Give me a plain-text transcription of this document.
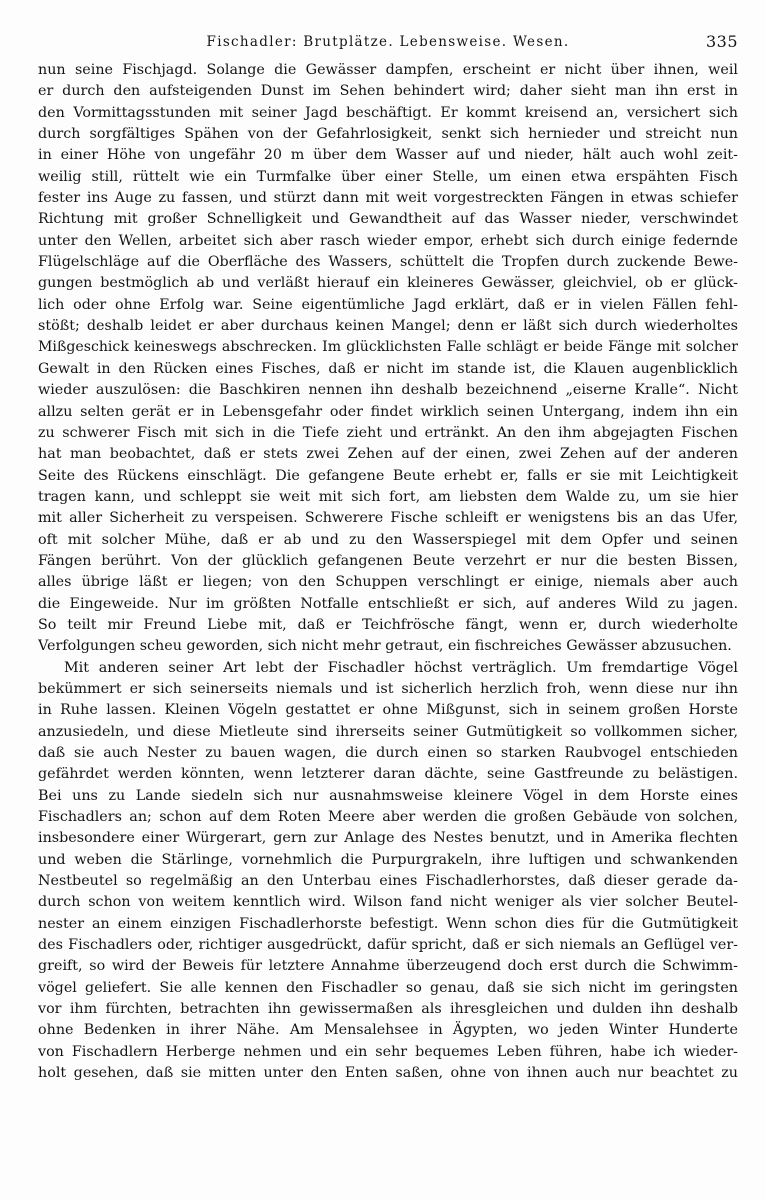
Fischadler: Brutplätze. Lebensweise. Wesen.	335
nun seine Fischjagd. Solange die Gewässer dampfen, erscheint er nicht über ihnen, weil
er durch den aufsteigenden Dunst im Sehen behindert wird; daher sieht man ihn erst in
den Vormittagsstunden mit seiner Jagd beschäftigt. Er kommt kreisend an, versichert sich
durch sorgfältiges Spähen von der Gefahrlosigkeit, senkt sich hernieder und streicht nun
in einer Höhe von ungefähr 20 m über dem Wasser auf und nieder, hält auch wohl zeit-
weilig still, rüttelt wie ein Turmfalke über einer Stelle, um einen etwa erspähten Fisch
fester ins Auge zu fassen, und stürzt dann mit weit vorgestreckten Fängen in etwas schiefer
Richtung mit großer Schnelligkeit und Gewandtheit auf das Wasser nieder, verschwindet
unter den Wellen, arbeitet sich aber rasch wieder empor, erhebt sich durch einige federnde
Flügelschläge auf die Oberfläche des Wassers, schüttelt die Tropfen durch zuckende Bewe-
gungen bestmöglich ab und verläßt hierauf ein kleineres Gewässer, gleichviel, ob er glück-
lich oder ohne Erfolg war. Seine eigentümliche Jagd erklärt, daß er in vielen Fällen fehl-
stößt; deshalb leidet er aber durchaus keinen Mangel; denn er läßt sich durch wiederholtes
Mißgeschick keineswegs abschrecken. Im glücklichsten Falle schlägt er beide Fänge mit solcher
Gewalt in den Rücken eines Fisches, daß er nicht im stande ist, die Klauen augenblicklich
wieder auszulösen: die Baschkiren nennen ihn deshalb bezeichnend „eiserne Kralle“. Nicht
allzu selten gerät er in Lebensgefahr oder findet wirklich seinen Untergang, indem ihn ein
zu schwerer Fisch mit sich in die Tiefe zieht und ertränkt. An den ihm abgejagten Fischen
hat man beobachtet, daß er stets zwei Zehen auf der einen, zwei Zehen auf der anderen
Seite des Rückens einschlägt. Die gefangene Beute erhebt er, falls er sie mit Leichtigkeit
tragen kann, und schleppt sie weit mit sich fort, am liebsten dem Walde zu, um sie hier
mit aller Sicherheit zu verspeisen. Schwerere Fische schleift er wenigstens bis an das Ufer,
oft mit solcher Mühe, daß er ab und zu den Wasserspiegel mit dem Opfer und seinen
Fängen berührt. Von der glücklich gefangenen Beute verzehrt er nur die besten Bissen,
alles übrige läßt er liegen; von den Schuppen verschlingt er einige, niemals aber auch
die Eingeweide. Nur im größten Notfalle entschließt er sich, auf anderes Wild zu jagen.
So teilt mir Freund Liebe mit, daß er Teichfrösche fängt, wenn er, durch wiederholte
Verfolgungen scheu geworden, sich nicht mehr getraut, ein fischreiches Gewässer abzusuchen.
Mit anderen seiner Art lebt der Fischadler höchst verträglich. Um fremdartige Vögel
bekümmert er sich seinerseits niemals und ist sicherlich herzlich froh, wenn diese nur ihn
in Ruhe lassen. Kleinen Vögeln gestattet er ohne Mißgunst, sich in seinem großen Horste
anzusiedeln, und diese Mietleute sind ihrerseits seiner Gutmütigkeit so vollkommen sicher,
daß sie auch Nester zu bauen wagen, die durch einen so starken Raubvogel entschieden
gefährdet werden könnten, wenn letzterer daran dächte, seine Gastfreunde zu belästigen.
Bei uns zu Lande siedeln sich nur ausnahmsweise kleinere Vögel in dem Horste eines
Fischadlers an; schon auf dem Roten Meere aber werden die großen Gebäude von solchen,
insbesondere einer Würgerart, gern zur Anlage des Nestes benutzt, und in Amerika flechten
und weben die Stärlinge, vornehmlich die Purpurgrakeln, ihre luftigen und schwankenden
Nestbeutel so regelmäßig an den Unterbau eines Fischadlerhorstes, daß dieser gerade da-
durch schon von weitem kenntlich wird. Wilson fand nicht weniger als vier solcher Beutel-
nester an einem einzigen Fischadlerhorste befestigt. Wenn schon dies für die Gutmütigkeit
des Fischadlers oder, richtiger ausgedrückt, dafür spricht, daß er sich niemals an Geflügel ver-
greift, so wird der Beweis für letztere Annahme überzeugend doch erst durch die Schwimm-
vögel geliefert. Sie alle kennen den Fischadler so genau, daß sie sich nicht im geringsten
vor ihm fürchten, betrachten ihn gewissermaßen als ihresgleichen und dulden ihn deshalb
ohne Bedenken in ihrer Nähe. Am Mensalehsee in Ägypten, wo jeden Winter Hunderte
von Fischadlern Herberge nehmen und ein sehr bequemes Leben führen, habe ich wieder-
holt gesehen, daß sie mitten unter den Enten saßen, ohne von ihnen auch nur beachtet zu
